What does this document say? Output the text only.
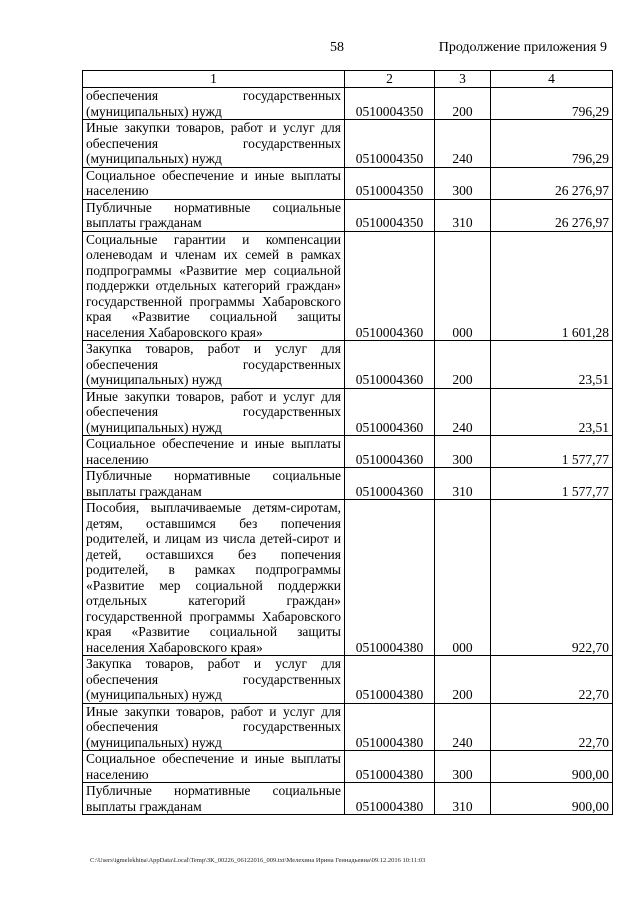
58	Продолжение приложения 9
1	2	3	4
обеспечения государственных (муниципальных) нужд	0510004350	200	796,29
Иные закупки товаров, работ и услуг для обеспечения государственных (муниципальных) нужд	0510004350	240	796,29
Социальное обеспечение и иные выплаты населению	0510004350	300	26 276,97
Публичные нормативные социальные выплаты гражданам	0510004350	310	26 276,97
Социальные гарантии и компенсации оленеводам и членам их семей в рамках подпрограммы «Развитие мер социальной поддержки отдельных категорий граждан» государственной программы Хабаровского края «Развитие социальной защиты населения Хабаровского края»	0510004360	000	1 601,28
Закупка товаров, работ и услуг для обеспечения государственных (муниципальных) нужд	0510004360	200	23,51
Иные закупки товаров, работ и услуг для обеспечения государственных (муниципальных) нужд	0510004360	240	23,51
Социальное обеспечение и иные выплаты населению	0510004360	300	1 577,77
Публичные нормативные социальные выплаты гражданам	0510004360	310	1 577,77
Пособия, выплачиваемые детям-сиротам, детям, оставшимся без попечения родителей, и лицам из числа детей-сирот и детей, оставшихся без попечения родителей, в рамках подпрограммы «Развитие мер социальной поддержки отдельных категорий граждан» государственной программы Хабаровского края «Развитие социальной защиты населения Хабаровского края»	0510004380	000	922,70
Закупка товаров, работ и услуг для обеспечения государственных (муниципальных) нужд	0510004380	200	22,70
Иные закупки товаров, работ и услуг для обеспечения государственных (муниципальных) нужд	0510004380	240	22,70
Социальное обеспечение и иные выплаты населению	0510004380	300	900,00
Публичные нормативные социальные выплаты гражданам	0510004380	310	900,00
C:\Users\igmelekhina\AppData\Local\Temp\ЗК_00226_06122016_009.txt\Мелехина Ирина Геннадьевна\09.12.2016 10:11:03
